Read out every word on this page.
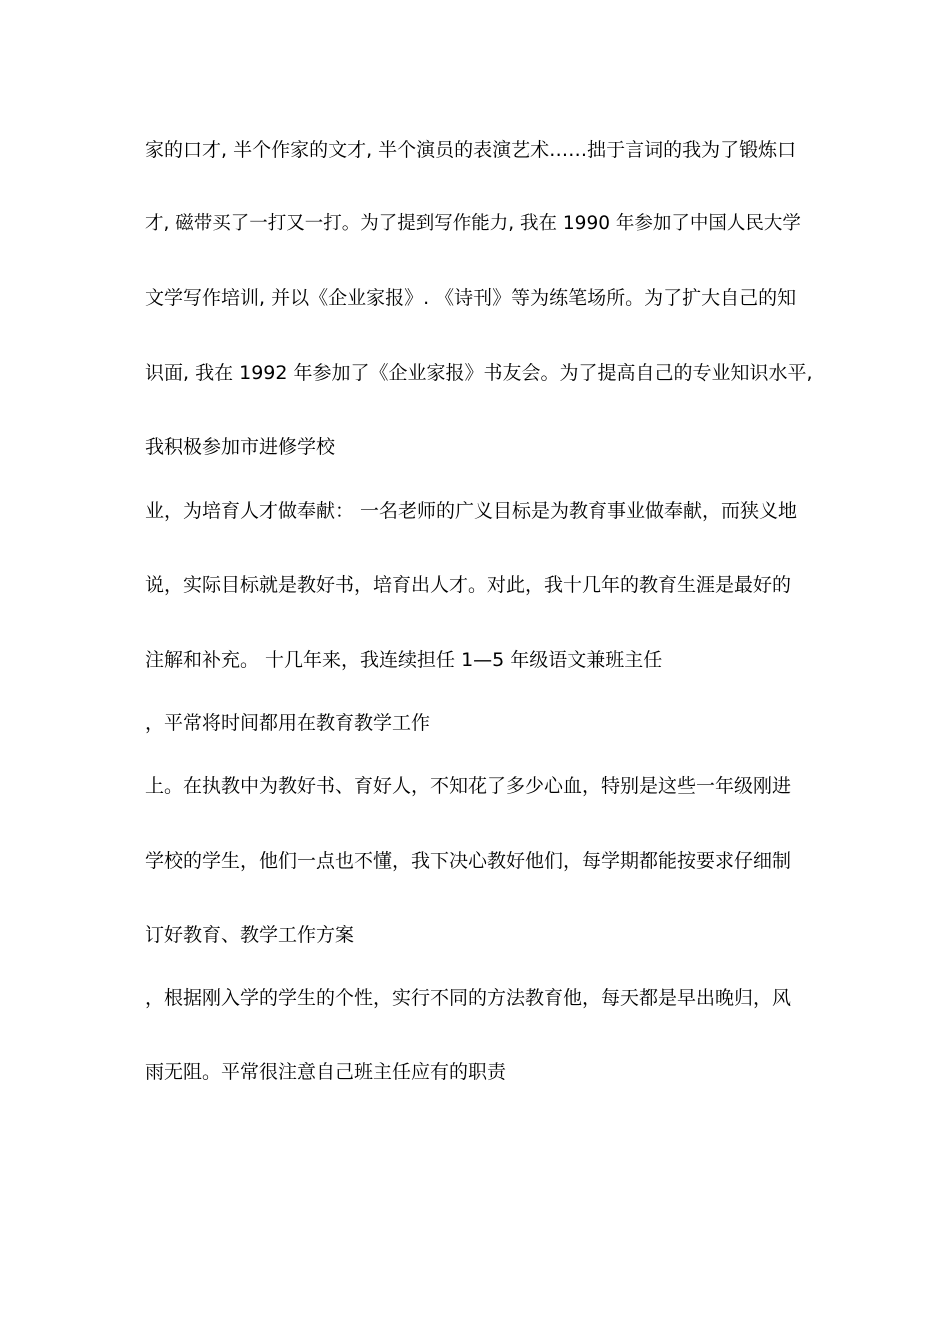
家的口才, 半个作家的文才, 半个演员的表演艺术……拙于言词的我为了锻炼口
才, 磁带买了一打又一打。为了提到写作能力, 我在 1990 年参加了中国人民大学
文学写作培训, 并以《企业家报》. 《诗刊》等为练笔场所。为了扩大自己的知
识面, 我在 1992 年参加了《企业家报》书友会。为了提高自己的专业知识水平,
我积极参加市进修学校
业，为培育人才做奉献： 一名老师的广义目标是为教育事业做奉献，而狭义地
说，实际目标就是教好书，培育出人才。对此，我十几年的教育生涯是最好的
注解和补充。 十几年来，我连续担任 1—5 年级语文兼班主任
，平常将时间都用在教育教学工作
上。在执教中为教好书、育好人，不知花了多少心血，特别是这些一年级刚进
学校的学生，他们一点也不懂，我下决心教好他们，每学期都能按要求仔细制
订好教育、教学工作方案
，根据刚入学的学生的个性，实行不同的方法教育他，每天都是早出晚归，风
雨无阻。平常很注意自己班主任应有的职责
